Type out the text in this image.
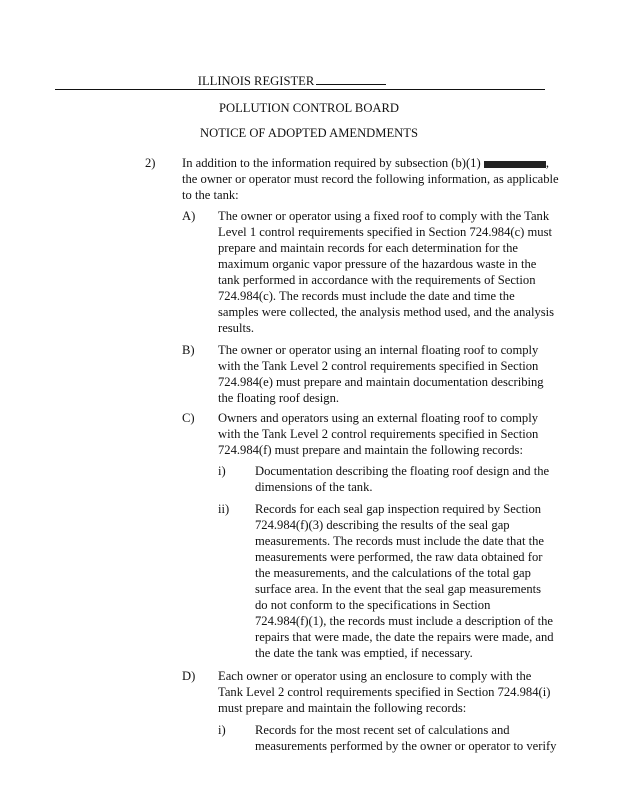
ILLINOIS REGISTER
POLLUTION CONTROL BOARD
NOTICE OF ADOPTED AMENDMENTS
2) In addition to the information required by subsection (b)(1)	,
the owner or operator must record the following information, as applicable
to the tank:
A) The owner or operator using a fixed roof to comply with the Tank
Level 1 control requirements specified in Section 724.984(c) must
prepare and maintain records for each determination for the
maximum organic vapor pressure of the hazardous waste in the
tank performed in accordance with the requirements of Section
724.984(c). The records must include the date and time the
samples were collected, the analysis method used, and the analysis
results.
B) The owner or operator using an internal floating roof to comply
with the Tank Level 2 control requirements specified in Section
724.984(e) must prepare and maintain documentation describing
the floating roof design.
C) Owners and operators using an external floating roof to comply
with the Tank Level 2 control requirements specified in Section
724.984(f) must prepare and maintain the following records:
i) Documentation describing the floating roof design and the
dimensions of the tank.
ii) Records for each seal gap inspection required by Section
724.984(f)(3) describing the results of the seal gap
measurements. The records must include the date that the
measurements were performed, the raw data obtained for
the measurements, and the calculations of the total gap
surface area. In the event that the seal gap measurements
do not conform to the specifications in Section
724.984(f)(1), the records must include a description of the
repairs that were made, the date the repairs were made, and
the date the tank was emptied, if necessary.
D) Each owner or operator using an enclosure to comply with the
Tank Level 2 control requirements specified in Section 724.984(i)
must prepare and maintain the following records:
i) Records for the most recent set of calculations and
measurements performed by the owner or operator to verify
